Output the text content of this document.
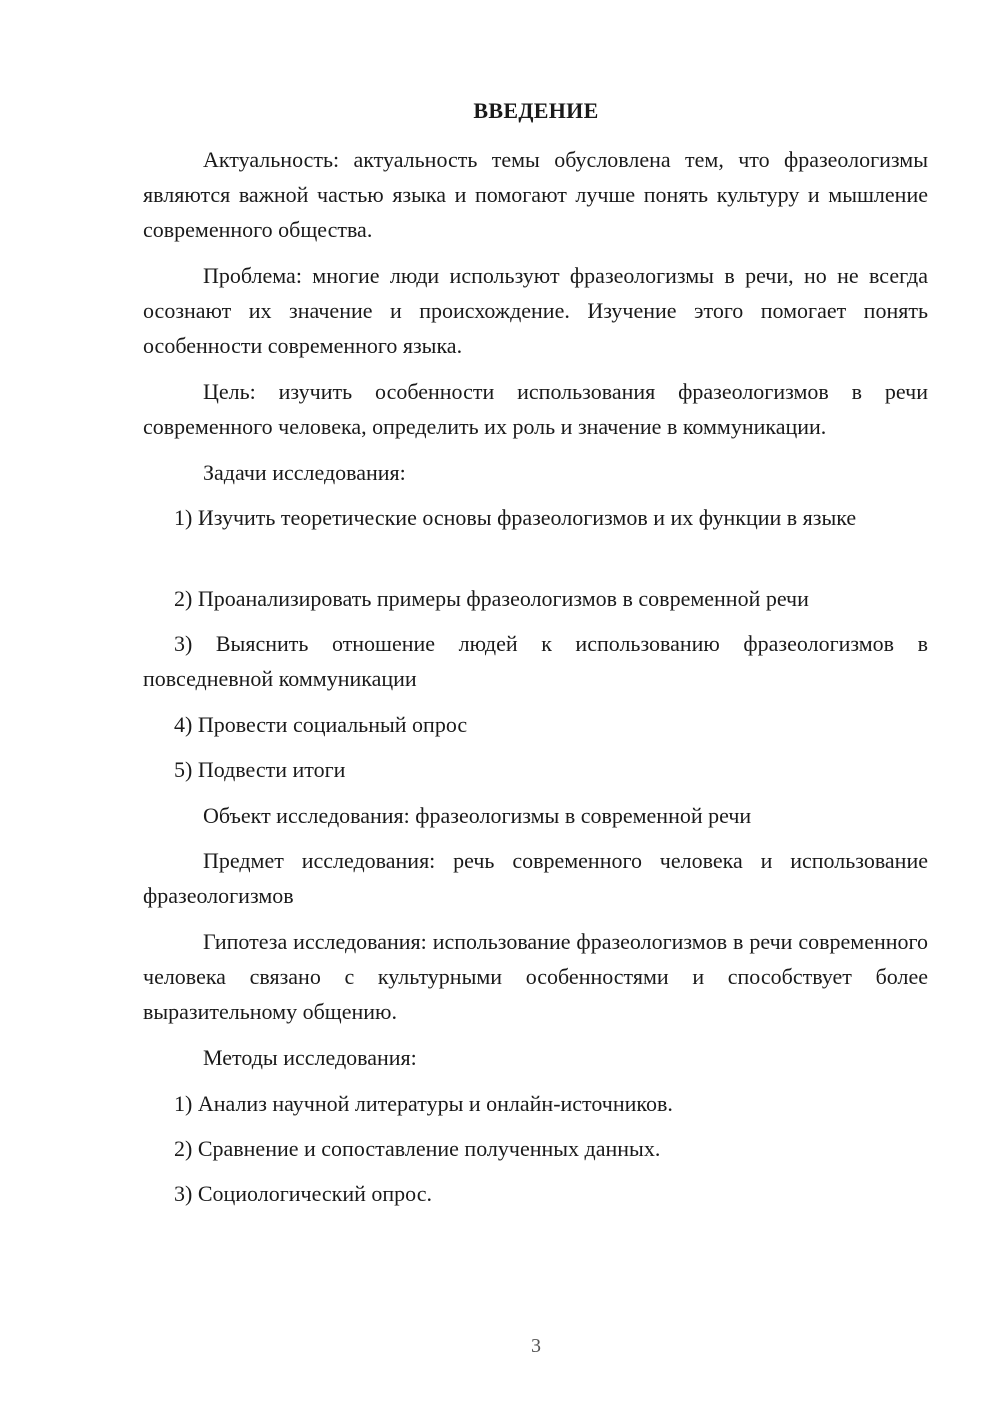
ВВЕДЕНИЕ

Актуальность: актуальность темы обусловлена тем, что фразеологизмы являются важной частью языка и помогают лучше понять культуру и мышление современного общества.

Проблема: многие люди используют фразеологизмы в речи, но не всегда осознают их значение и происхождение. Изучение этого помогает понять особенности современного языка.

Цель: изучить особенности использования фразеологизмов в речи современного человека, определить их роль и значение в коммуникации.

Задачи исследования:

1) Изучить теоретические основы фразеологизмов и их функции в языке

2) Проанализировать примеры фразеологизмов в современной речи

3) Выяснить отношение людей к использованию фразеологизмов в повседневной коммуникации

4) Провести социальный опрос

5) Подвести итоги

Объект исследования: фразеологизмы в современной речи

Предмет исследования: речь современного человека и использование фразеологизмов

Гипотеза исследования: использование фразеологизмов в речи современного человека связано с культурными особенностями и способствует более выразительному общению.

Методы исследования:

1) Анализ научной литературы и онлайн-источников.

2) Сравнение и сопоставление полученных данных.

3) Социологический опрос.

3
